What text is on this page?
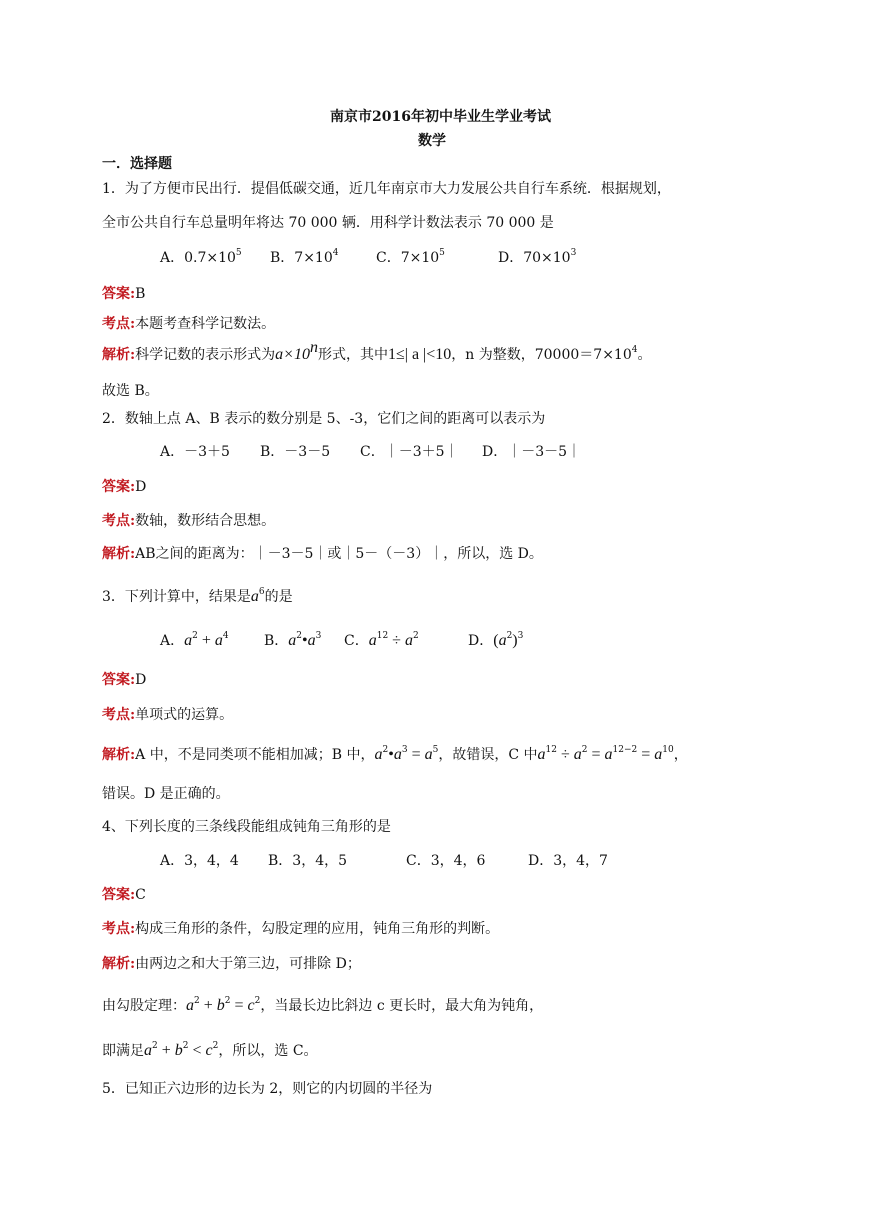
南京市2016年初中毕业生学业考试
数学
一．选择题
1．为了方便市民出行．提倡低碳交通，近几年南京市大力发展公共自行车系统．根据规划，
全市公共自行车总量明年将达 70 000 辆．用科学计数法表示 70 000 是
A．$0.7\times 10^5$ B．$7\times 10^4$	C．$7\times 10^5$	D．$70\times 10^3$
答案:B
考点:本题考查科学记数法。
解析:科学记数的表示形式为$a\times 10^n$形式，其中1≤| a |<10，n 为整数，$70000=7\times 10^4$。
故选 B。
2．数轴上点 A、B 表示的数分别是 5、-3，它们之间的距离可以表示为
A．－3＋5 B．－3－5 C．｜－3＋5｜ D．｜－3－5｜
答案:D
考点:数轴，数形结合思想。
解析:AB之间的距离为：｜－3－5｜或｜5－（－3）｜，所以，选 D。
3．下列计算中，结果是$a^6$的是
A．$a^2 + a^4$	B．$a^2•a^3$ C．$a^{12} \div a^2$	D．$(a^2)^3$
答案:D
考点:单项式的运算。
解析:A 中，不是同类项不能相加减；B 中，$a^2•a^3 = a^5$，故错误，C 中$a^{12} \div a^2 = a^{12-2} = a^{10}$，
错误。D 是正确的。
4、下列长度的三条线段能组成钝角三角形的是
A．3，4，4 B．3，4，5	C．3，4，6	D．3，4，7
答案:C
考点:构成三角形的条件，勾股定理的应用，钝角三角形的判断。
解析:由两边之和大于第三边，可排除 D；
由勾股定理：$a^2 + b^2 = c^2$，当最长边比斜边 c 更长时，最大角为钝角，
即满足$a^2 + b^2 < c^2$，所以，选 C。
5．已知正六边形的边长为 2，则它的内切圆的半径为
